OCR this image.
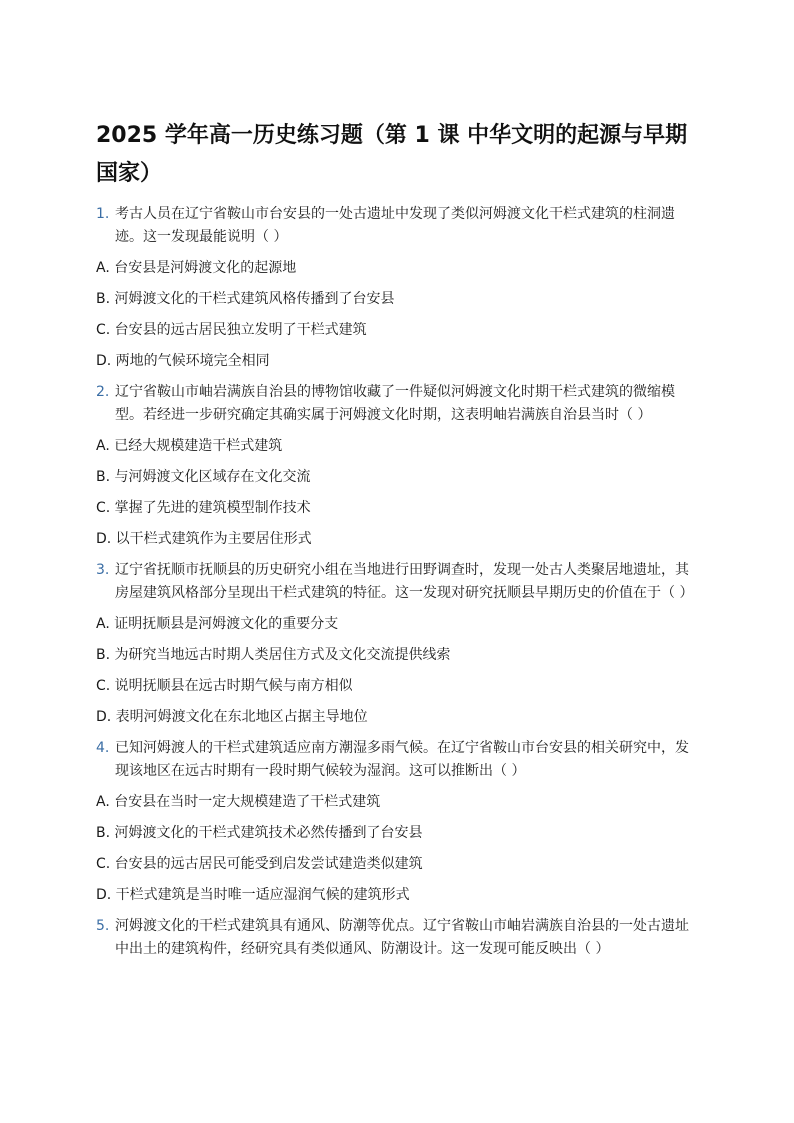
2025 学年高一历史练习题（第 1 课 中华文明的起源与早期国家）
1. 考古人员在辽宁省鞍山市台安县的一处古遗址中发现了类似河姆渡文化干栏式建筑的柱洞遗迹。这一发现最能说明（ ）
A. 台安县是河姆渡文化的起源地
B. 河姆渡文化的干栏式建筑风格传播到了台安县
C. 台安县的远古居民独立发明了干栏式建筑
D. 两地的气候环境完全相同
2. 辽宁省鞍山市岫岩满族自治县的博物馆收藏了一件疑似河姆渡文化时期干栏式建筑的微缩模型。若经进一步研究确定其确实属于河姆渡文化时期，这表明岫岩满族自治县当时（ ）
A. 已经大规模建造干栏式建筑
B. 与河姆渡文化区域存在文化交流
C. 掌握了先进的建筑模型制作技术
D. 以干栏式建筑作为主要居住形式
3. 辽宁省抚顺市抚顺县的历史研究小组在当地进行田野调查时，发现一处古人类聚居地遗址，其房屋建筑风格部分呈现出干栏式建筑的特征。这一发现对研究抚顺县早期历史的价值在于（ ）
A. 证明抚顺县是河姆渡文化的重要分支
B. 为研究当地远古时期人类居住方式及文化交流提供线索
C. 说明抚顺县在远古时期气候与南方相似
D. 表明河姆渡文化在东北地区占据主导地位
4. 已知河姆渡人的干栏式建筑适应南方潮湿多雨气候。在辽宁省鞍山市台安县的相关研究中，发现该地区在远古时期有一段时期气候较为湿润。这可以推断出（ ）
A. 台安县在当时一定大规模建造了干栏式建筑
B. 河姆渡文化的干栏式建筑技术必然传播到了台安县
C. 台安县的远古居民可能受到启发尝试建造类似建筑
D. 干栏式建筑是当时唯一适应湿润气候的建筑形式
5. 河姆渡文化的干栏式建筑具有通风、防潮等优点。辽宁省鞍山市岫岩满族自治县的一处古遗址中出土的建筑构件，经研究具有类似通风、防潮设计。这一发现可能反映出（ ）
